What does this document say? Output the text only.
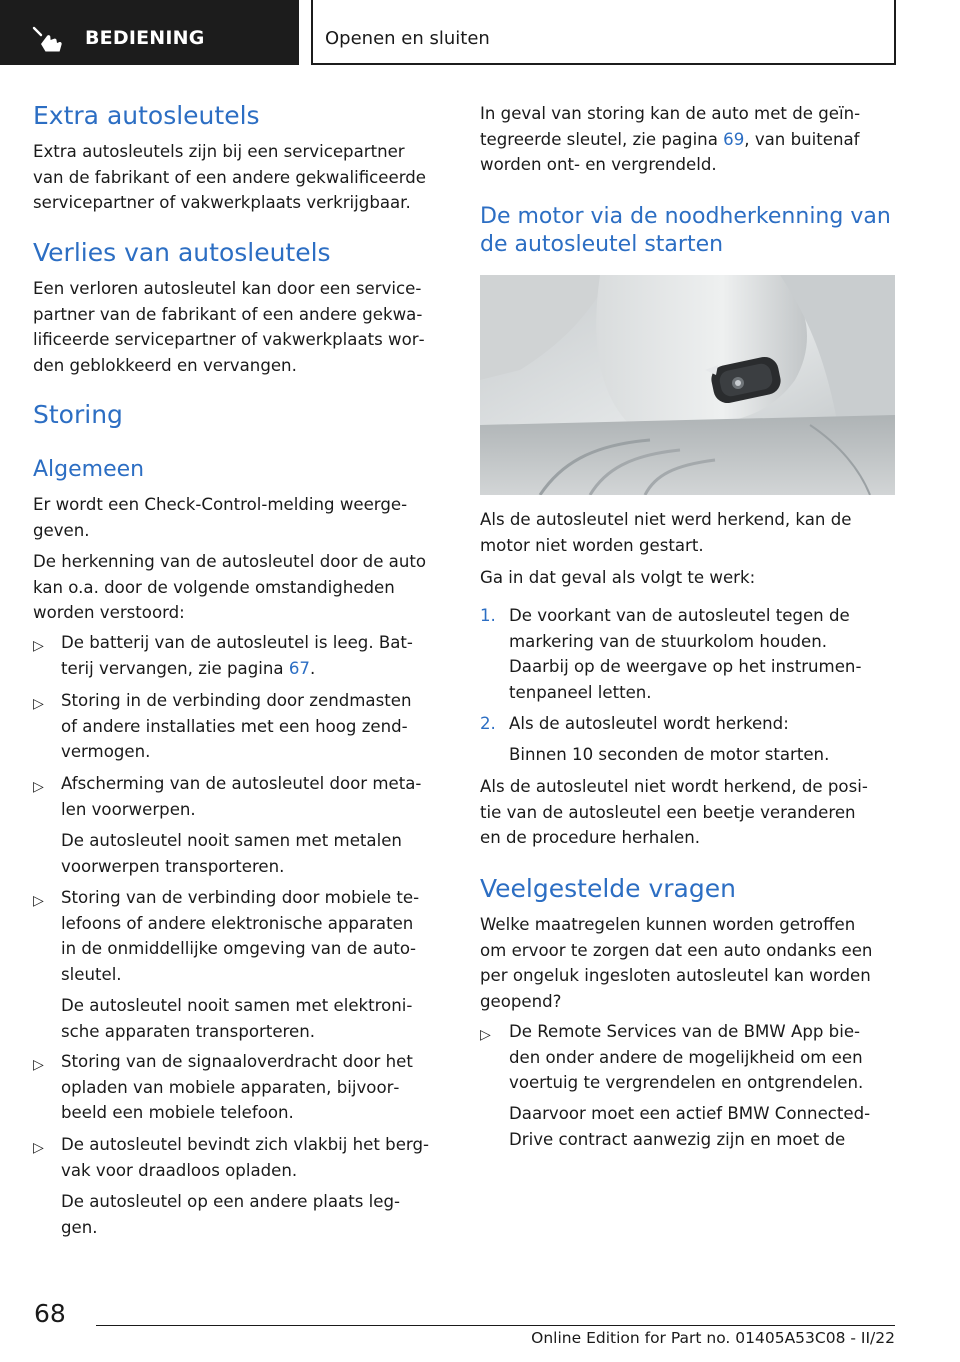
BEDIENING	Openen en sluiten
Extra autosleutels
Extra autosleutels zijn bij een servicepartner
van de fabrikant of een andere gekwalificeerde
servicepartner of vakwerkplaats verkrijgbaar.
Verlies van autosleutels
Een verloren autosleutel kan door een service‐
partner van de fabrikant of een andere gekwa‐
lificeerde servicepartner of vakwerkplaats wor‐
den geblokkeerd en vervangen.
Storing
Algemeen
Er wordt een Check-Control-melding weerge‐
geven.
De herkenning van de autosleutel door de auto
kan o.a. door de volgende omstandigheden
worden verstoord:
▷ De batterij van de autosleutel is leeg. Bat‐
terij vervangen, zie pagina 67.
▷ Storing in de verbinding door zendmasten
of andere installaties met een hoog zend‐
vermogen.
▷ Afscherming van de autosleutel door meta‐
len voorwerpen.
De autosleutel nooit samen met metalen
voorwerpen transporteren.
▷ Storing van de verbinding door mobiele te‐
lefoons of andere elektronische apparaten
in de onmiddellijke omgeving van de auto‐
sleutel.
De autosleutel nooit samen met elektroni‐
sche apparaten transporteren.
▷ Storing van de signaaloverdracht door het
opladen van mobiele apparaten, bijvoor‐
beeld een mobiele telefoon.
▷ De autosleutel bevindt zich vlakbij het berg‐
vak voor draadloos opladen.
De autosleutel op een andere plaats leg‐
gen.
In geval van storing kan de auto met de geïn‐
tegreerde sleutel, zie pagina 69, van buitenaf
worden ont- en vergrendeld.
De motor via de noodherkenning van
de autosleutel starten
Als de autosleutel niet werd herkend, kan de
motor niet worden gestart.
Ga in dat geval als volgt te werk:
1. De voorkant van de autosleutel tegen de
markering van de stuurkolom houden.
Daarbij op de weergave op het instrumen‐
tenpaneel letten.
2. Als de autosleutel wordt herkend:
Binnen 10 seconden de motor starten.
Als de autosleutel niet wordt herkend, de posi‐
tie van de autosleutel een beetje veranderen
en de procedure herhalen.
Veelgestelde vragen
Welke maatregelen kunnen worden getroffen
om ervoor te zorgen dat een auto ondanks een
per ongeluk ingesloten autosleutel kan worden
geopend?
▷ De Remote Services van de BMW App bie‐
den onder andere de mogelijkheid om een
voertuig te vergrendelen en ontgrendelen.
Daarvoor moet een actief BMW Connected‐
Drive contract aanwezig zijn en moet de
68
Online Edition for Part no. 01405A53C08 - II/22
